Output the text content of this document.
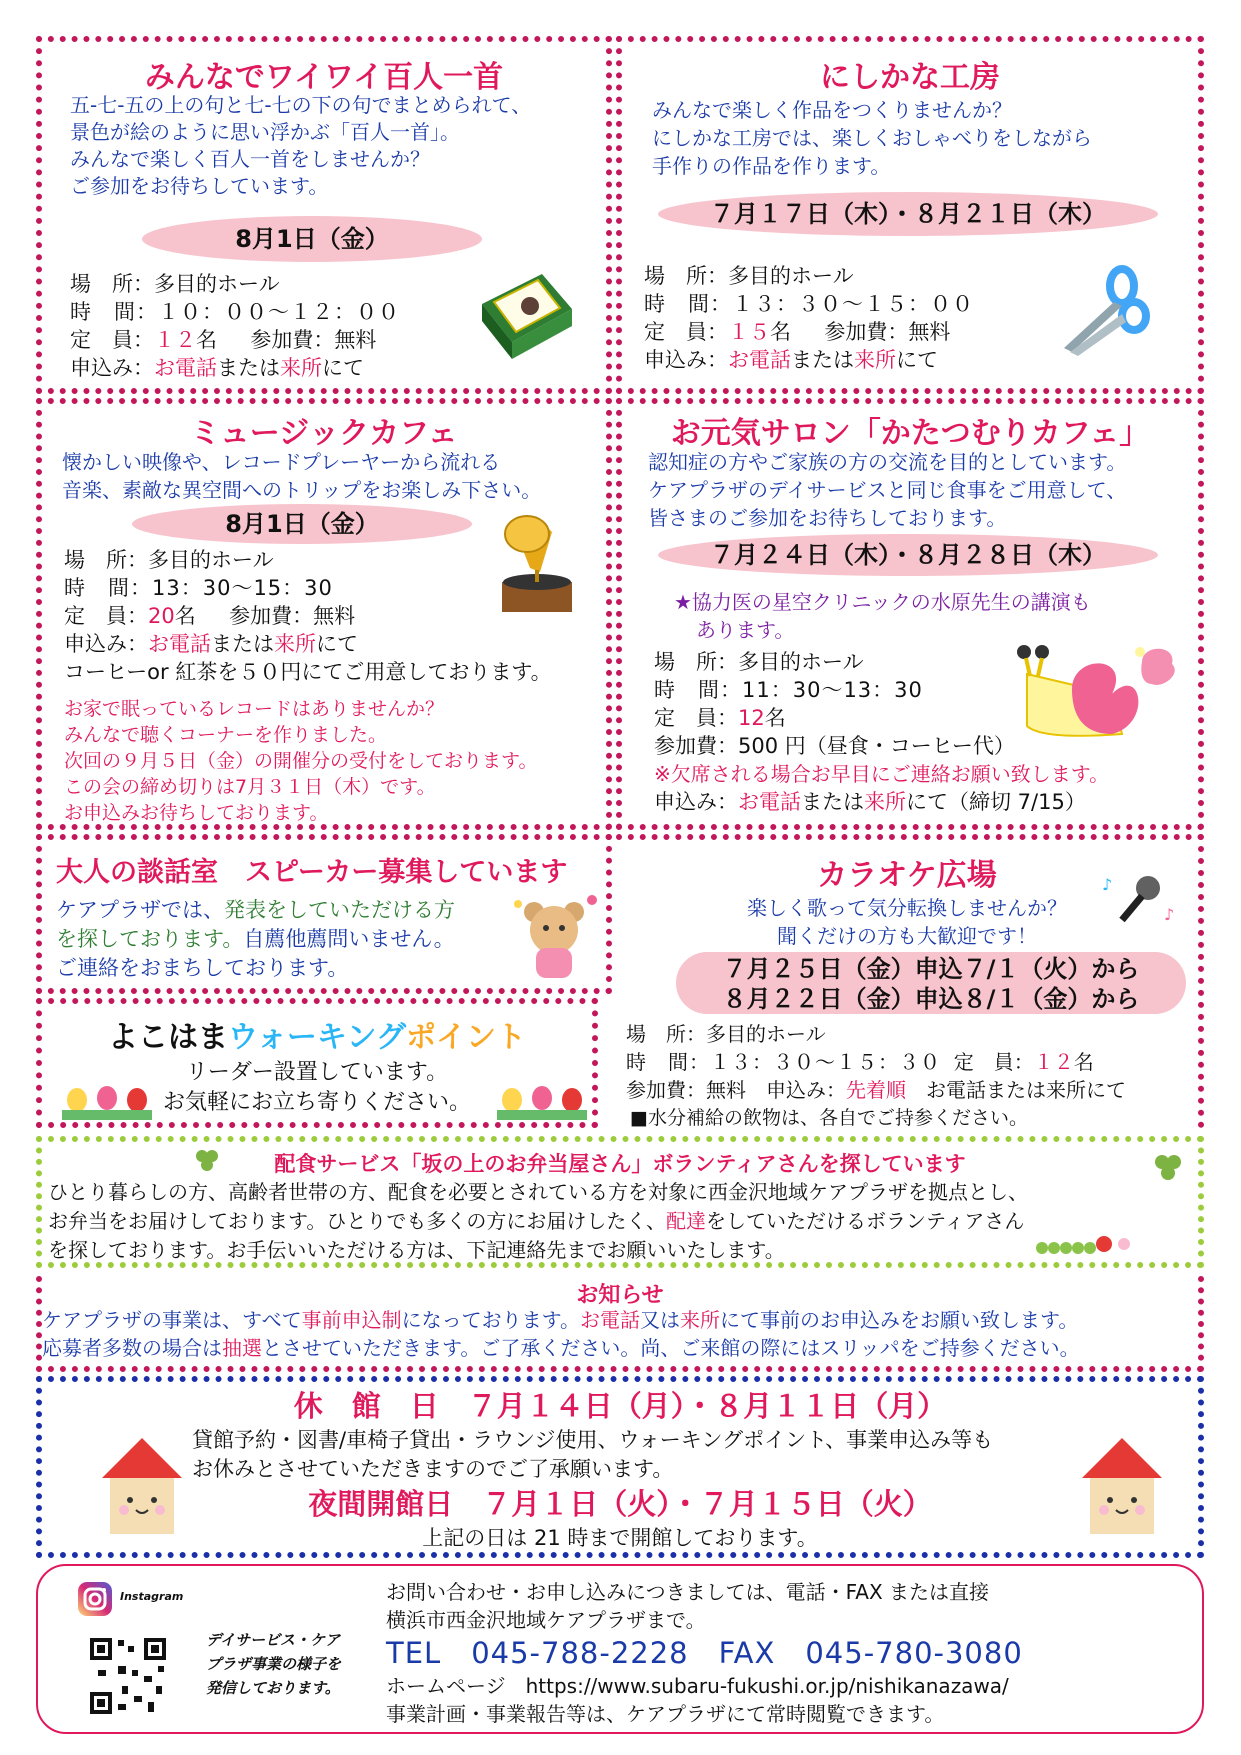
みんなでワイワイ百人一首
五-七-五の上の句と七-七の下の句でまとめられて、
景色が絵のように思い浮かぶ「百人一首」。
みんなで楽しく百人一首をしませんか？
ご参加をお待ちしています。
8月1日（金）
場　所：多目的ホール
時　間：１０：００～１２：００
定　員：１２名 参加費：無料
申込み：お電話または来所にて
にしかな工房
みんなで楽しく作品をつくりませんか？
にしかな工房では、楽しくおしゃべりをしながら
手作りの作品を作ります。
７月１７日（木）・８月２１日（木）
場　所：多目的ホール
時　間：１３：３０～１５：００
定　員：１５名 参加費：無料
申込み：お電話または来所にて
ミュージックカフェ
懐かしい映像や、レコードプレーヤーから流れる
音楽、素敵な異空間へのトリップをお楽しみ下さい。
8月1日（金）
場　所：多目的ホール
時　間：13：30～15：30
定　員：20名 参加費：無料
申込み：お電話または来所にて
コーヒーor 紅茶を５０円にてご用意しております。
お家で眠っているレコードはありませんか？
みんなで聴くコーナーを作りました。
次回の９月５日（金）の開催分の受付をしております。
この会の締め切りは7月３１日（木）です。
お申込みお待ちしております。
お元気サロン「かたつむりカフェ」
認知症の方やご家族の方の交流を目的としています。
ケアプラザのデイサービスと同じ食事をご用意して、
皆さまのご参加をお待ちしております。
７月２４日（木）・８月２８日（木）
★協力医の星空クリニックの水原先生の講演も
あります。
場　所：多目的ホール
時　間：11：30～13：30
定　員：12名
参加費：500 円（昼食・コーヒー代）
※欠席される場合お早目にご連絡お願い致します。
申込み：お電話または来所にて（締切 7/15）
大人の談話室　スピーカー募集しています
ケアプラザでは、発表をしていただける方
を探しております。自薦他薦問いません。
ご連絡をおまちしております。
よこはまウォーキングポイント
リーダー設置しています。
お気軽にお立ち寄りください。
カラオケ広場
楽しく歌って気分転換しませんか？
聞くだけの方も大歓迎です！
７月２５日（金）申込７/１（火）から
８月２２日（金）申込８/１（金）から
♪
♪
場　所：多目的ホール
時　間：１３：３０～１５：３０ 定　員：１２名
参加費：無料　申込み：先着順　お電話または来所にて
■水分補給の飲物は、各自でご持参ください。
配食サービス「坂の上のお弁当屋さん」ボランティアさんを探しています
ひとり暮らしの方、高齢者世帯の方、配食を必要とされている方を対象に西金沢地域ケアプラザを拠点とし、
お弁当をお届けしております。ひとりでも多くの方にお届けしたく、配達をしていただけるボランティアさん
を探しております。お手伝いいただける方は、下記連絡先までお願いいたします。
お知らせ
ケアプラザの事業は、すべて事前申込制になっております。お電話又は来所にて事前のお申込みをお願い致します。
応募者多数の場合は抽選とさせていただきます。ご了承ください。尚、ご来館の際にはスリッパをご持参ください。
休　館　日　７月１４日（月）・８月１１日（月）
貸館予約・図書/車椅子貸出・ラウンジ使用、ウォーキングポイント、事業申込み等も
お休みとさせていただきますのでご了承願います。
夜間開館日　７月１日（火）・７月１５日（火）
上記の日は 21 時まで開館しております。
Instagram
デイサービス・ケア
プラザ事業の様子を
発信しております。
お問い合わせ・お申し込みにつきましては、電話・FAX または直接
横浜市西金沢地域ケアプラザまで。
TEL　045-788-2228　FAX　045-780-3080
ホームページ　https://www.subaru-fukushi.or.jp/nishikanazawa/
事業計画・事業報告等は、ケアプラザにて常時閲覧できます。
